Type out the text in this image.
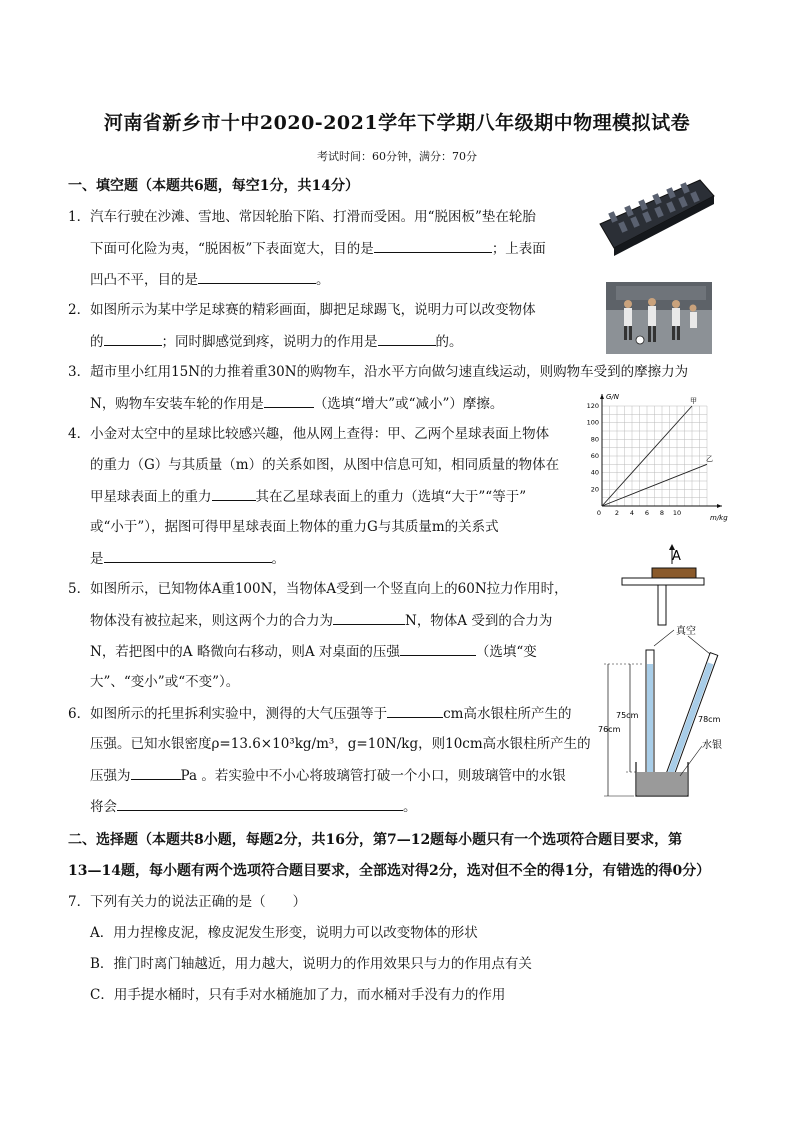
河南省新乡市十中2020-2021学年下学期八年级期中物理模拟试卷
考试时间：60分钟，满分：70分
一、填空题（本题共6题，每空1分，共14分）
1．汽车行驶在沙滩、雪地、常因轮胎下陷、打滑而受困。用“脱困板”垫在轮胎
下面可化险为夷，“脱困板”下表面宽大，目的是	；上表面
凹凸不平，目的是	。
2．如图所示为某中学足球赛的精彩画面，脚把足球踢飞，说明力可以改变物体
的	；同时脚感觉到疼，说明力的作用是	的。
3．超市里小红用15N的力推着重30N的购物车，沿水平方向做匀速直线运动，则购物车受到的摩擦力为
N，购物车安装车轮的作用是	（选填“增大”或“减小”）摩擦。
4．小金对太空中的星球比较感兴趣，他从网上查得：甲、乙两个星球表面上物体
的重力（G）与其质量（m）的关系如图，从图中信息可知，相同质量的物体在
甲星球表面上的重力	其在乙星球表面上的重力（选填“大于”“等于”
或“小于”），据图可得甲星球表面上物体的重力G与其质量m的关系式
是	。
5．如图所示，已知物体A重100N，当物体A受到一个竖直向上的60N拉力作用时，
物体没有被拉起来，则这两个力的合力为	N，物体A 受到的合力为
N，若把图中的A 略微向右移动，则A 对桌面的压强	（选填“变
大”、“变小”或“不变”）。
6．如图所示的托里拆利实验中，测得的大气压强等于	cm高水银柱所产生的
压强。已知水银密度ρ=13.6×10³kg/m³，g=10N/kg，则10cm高水银柱所产生的
压强为	Pa 。若实验中不小心将玻璃管打破一个小口，则玻璃管中的水银
将会	。
二、选择题（本题共8小题，每题2分，共16分，第7—12题每小题只有一个选项符合题目要求，第
13—14题，每小题有两个选项符合题目要求，全部选对得2分，选对但不全的得1分，有错选的得0分）
7．下列有关力的说法正确的是（　　）
A．用力捏橡皮泥，橡皮泥发生形变，说明力可以改变物体的形状
B．推门时离门轴越近，用力越大，说明力的作用效果只与力的作用点有关
C．用手提水桶时，只有手对水桶施加了力，而水桶对手没有力的作用
G/N
m/kg
甲
乙
120
100
80
60
40
20
0 2 4 6 8 10
A
真空
75cm
76cm
78cm
水银
